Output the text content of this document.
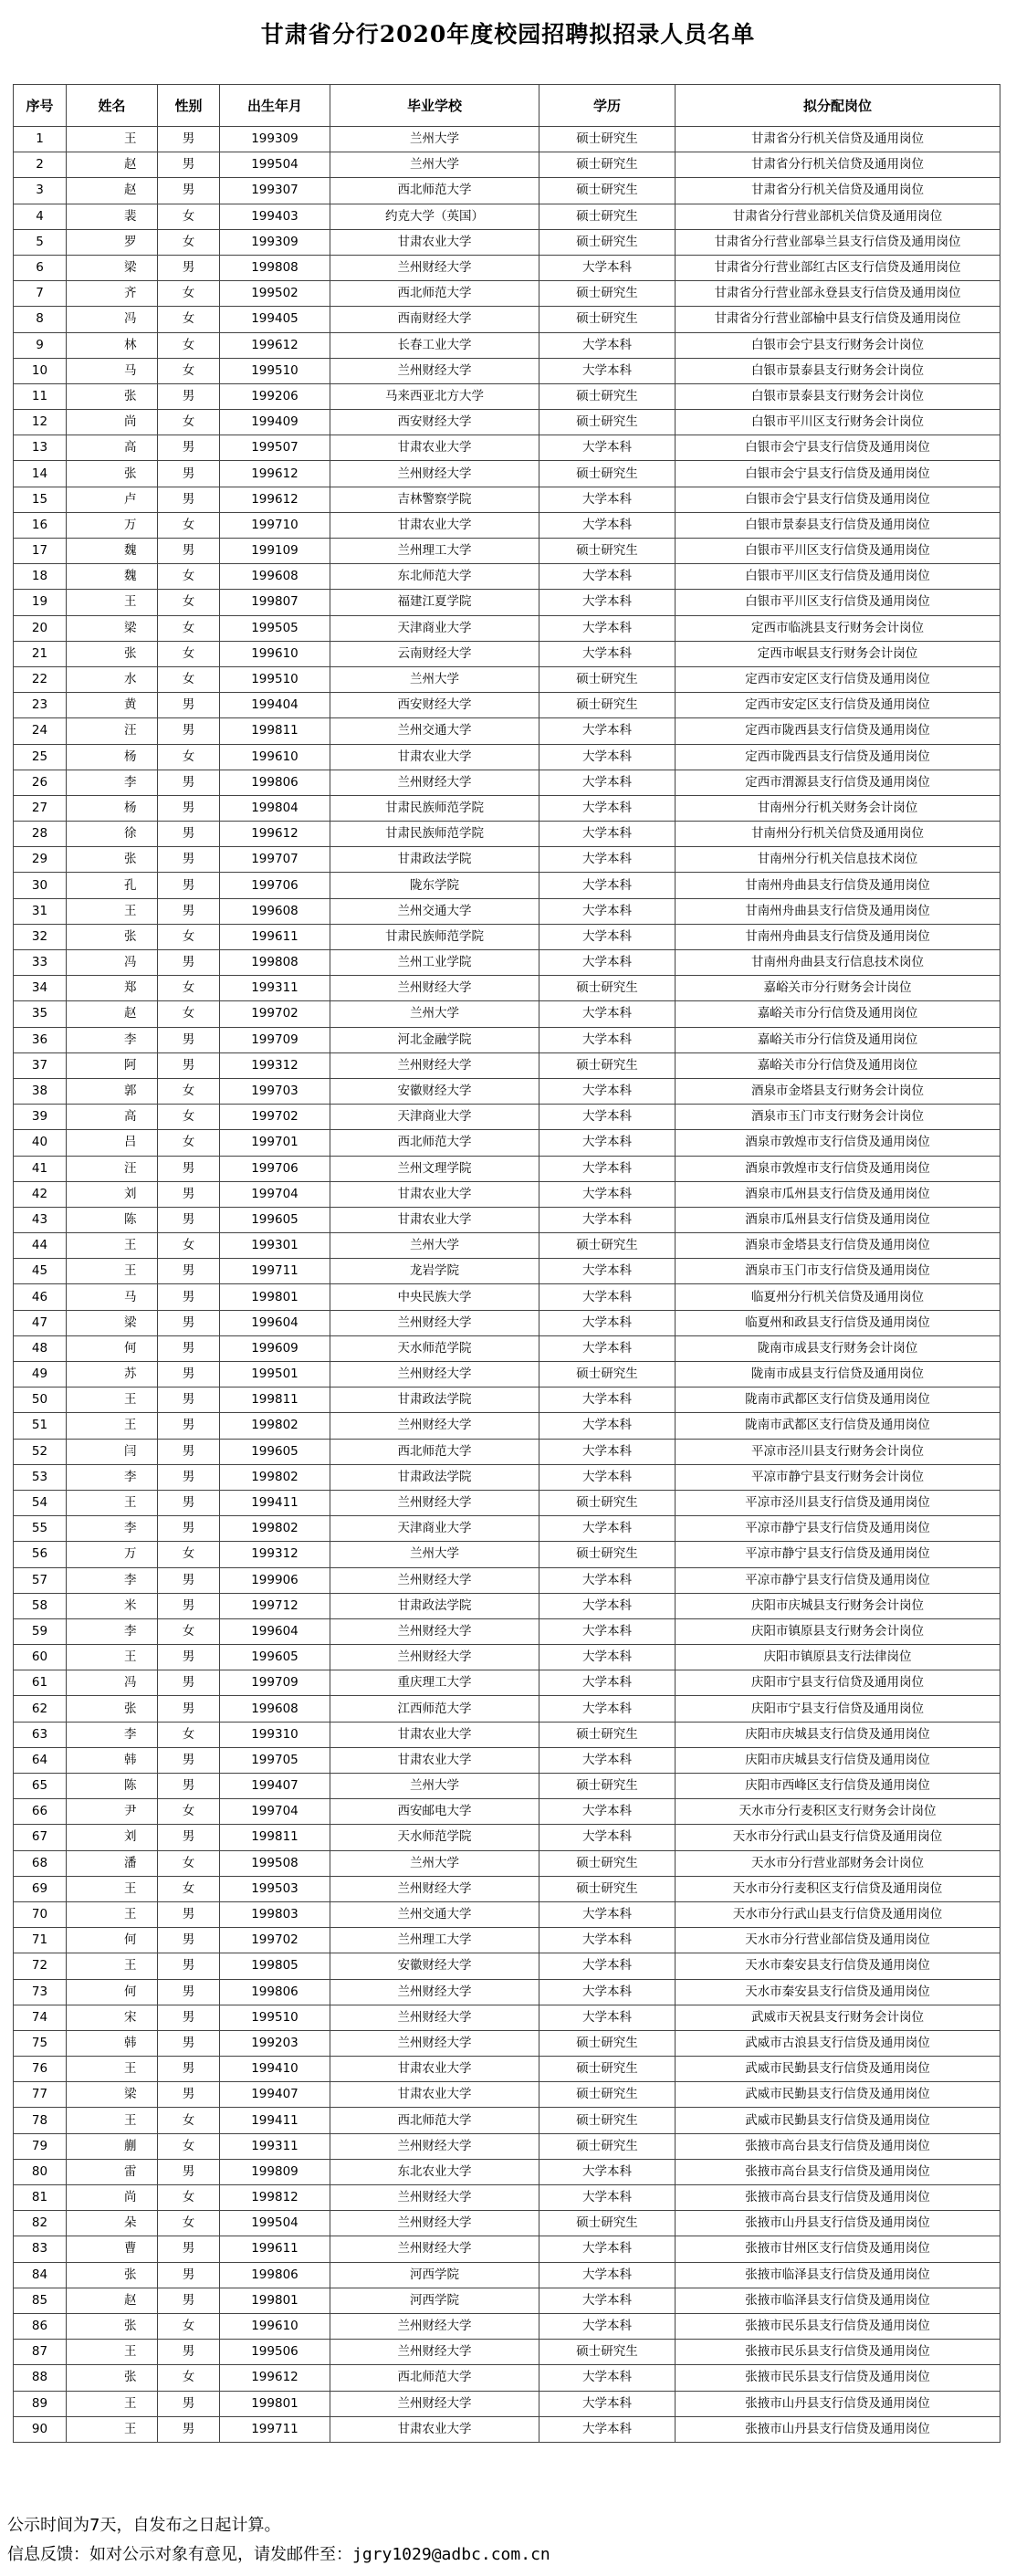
甘肃省分行2020年度校园招聘拟招录人员名单
序号	姓名	性别	出生年月	毕业学校	学历	拟分配岗位
1	王	男	199309	兰州大学	硕士研究生	甘肃省分行机关信贷及通用岗位
2	赵	男	199504	兰州大学	硕士研究生	甘肃省分行机关信贷及通用岗位
3	赵	男	199307	西北师范大学	硕士研究生	甘肃省分行机关信贷及通用岗位
4	裴	女	199403	约克大学（英国）	硕士研究生	甘肃省分行营业部机关信贷及通用岗位
5	罗	女	199309	甘肃农业大学	硕士研究生	甘肃省分行营业部皋兰县支行信贷及通用岗位
6	梁	男	199808	兰州财经大学	大学本科	甘肃省分行营业部红古区支行信贷及通用岗位
7	齐	女	199502	西北师范大学	硕士研究生	甘肃省分行营业部永登县支行信贷及通用岗位
8	冯	女	199405	西南财经大学	硕士研究生	甘肃省分行营业部榆中县支行信贷及通用岗位
9	林	女	199612	长春工业大学	大学本科	白银市会宁县支行财务会计岗位
10	马	女	199510	兰州财经大学	大学本科	白银市景泰县支行财务会计岗位
11	张	男	199206	马来西亚北方大学	硕士研究生	白银市景泰县支行财务会计岗位
12	尚	女	199409	西安财经大学	硕士研究生	白银市平川区支行财务会计岗位
13	高	男	199507	甘肃农业大学	大学本科	白银市会宁县支行信贷及通用岗位
14	张	男	199612	兰州财经大学	硕士研究生	白银市会宁县支行信贷及通用岗位
15	卢	男	199612	吉林警察学院	大学本科	白银市会宁县支行信贷及通用岗位
16	万	女	199710	甘肃农业大学	大学本科	白银市景泰县支行信贷及通用岗位
17	魏	男	199109	兰州理工大学	硕士研究生	白银市平川区支行信贷及通用岗位
18	魏	女	199608	东北师范大学	大学本科	白银市平川区支行信贷及通用岗位
19	王	女	199807	福建江夏学院	大学本科	白银市平川区支行信贷及通用岗位
20	梁	女	199505	天津商业大学	大学本科	定西市临洮县支行财务会计岗位
21	张	女	199610	云南财经大学	大学本科	定西市岷县支行财务会计岗位
22	水	女	199510	兰州大学	硕士研究生	定西市安定区支行信贷及通用岗位
23	黄	男	199404	西安财经大学	硕士研究生	定西市安定区支行信贷及通用岗位
24	汪	男	199811	兰州交通大学	大学本科	定西市陇西县支行信贷及通用岗位
25	杨	女	199610	甘肃农业大学	大学本科	定西市陇西县支行信贷及通用岗位
26	李	男	199806	兰州财经大学	大学本科	定西市渭源县支行信贷及通用岗位
27	杨	男	199804	甘肃民族师范学院	大学本科	甘南州分行机关财务会计岗位
28	徐	男	199612	甘肃民族师范学院	大学本科	甘南州分行机关信贷及通用岗位
29	张	男	199707	甘肃政法学院	大学本科	甘南州分行机关信息技术岗位
30	孔	男	199706	陇东学院	大学本科	甘南州舟曲县支行信贷及通用岗位
31	王	男	199608	兰州交通大学	大学本科	甘南州舟曲县支行信贷及通用岗位
32	张	女	199611	甘肃民族师范学院	大学本科	甘南州舟曲县支行信贷及通用岗位
33	冯	男	199808	兰州工业学院	大学本科	甘南州舟曲县支行信息技术岗位
34	郑	女	199311	兰州财经大学	硕士研究生	嘉峪关市分行财务会计岗位
35	赵	女	199702	兰州大学	大学本科	嘉峪关市分行信贷及通用岗位
36	李	男	199709	河北金融学院	大学本科	嘉峪关市分行信贷及通用岗位
37	阿	男	199312	兰州财经大学	硕士研究生	嘉峪关市分行信贷及通用岗位
38	郭	女	199703	安徽财经大学	大学本科	酒泉市金塔县支行财务会计岗位
39	高	女	199702	天津商业大学	大学本科	酒泉市玉门市支行财务会计岗位
40	吕	女	199701	西北师范大学	大学本科	酒泉市敦煌市支行信贷及通用岗位
41	汪	男	199706	兰州文理学院	大学本科	酒泉市敦煌市支行信贷及通用岗位
42	刘	男	199704	甘肃农业大学	大学本科	酒泉市瓜州县支行信贷及通用岗位
43	陈	男	199605	甘肃农业大学	大学本科	酒泉市瓜州县支行信贷及通用岗位
44	王	女	199301	兰州大学	硕士研究生	酒泉市金塔县支行信贷及通用岗位
45	王	男	199711	龙岩学院	大学本科	酒泉市玉门市支行信贷及通用岗位
46	马	男	199801	中央民族大学	大学本科	临夏州分行机关信贷及通用岗位
47	梁	男	199604	兰州财经大学	大学本科	临夏州和政县支行信贷及通用岗位
48	何	男	199609	天水师范学院	大学本科	陇南市成县支行财务会计岗位
49	苏	男	199501	兰州财经大学	硕士研究生	陇南市成县支行信贷及通用岗位
50	王	男	199811	甘肃政法学院	大学本科	陇南市武都区支行信贷及通用岗位
51	王	男	199802	兰州财经大学	大学本科	陇南市武都区支行信贷及通用岗位
52	闫	男	199605	西北师范大学	大学本科	平凉市泾川县支行财务会计岗位
53	李	男	199802	甘肃政法学院	大学本科	平凉市静宁县支行财务会计岗位
54	王	男	199411	兰州财经大学	硕士研究生	平凉市泾川县支行信贷及通用岗位
55	李	男	199802	天津商业大学	大学本科	平凉市静宁县支行信贷及通用岗位
56	万	女	199312	兰州大学	硕士研究生	平凉市静宁县支行信贷及通用岗位
57	李	男	199906	兰州财经大学	大学本科	平凉市静宁县支行信贷及通用岗位
58	米	男	199712	甘肃政法学院	大学本科	庆阳市庆城县支行财务会计岗位
59	李	女	199604	兰州财经大学	大学本科	庆阳市镇原县支行财务会计岗位
60	王	男	199605	兰州财经大学	大学本科	庆阳市镇原县支行法律岗位
61	冯	男	199709	重庆理工大学	大学本科	庆阳市宁县支行信贷及通用岗位
62	张	男	199608	江西师范大学	大学本科	庆阳市宁县支行信贷及通用岗位
63	李	女	199310	甘肃农业大学	硕士研究生	庆阳市庆城县支行信贷及通用岗位
64	韩	男	199705	甘肃农业大学	大学本科	庆阳市庆城县支行信贷及通用岗位
65	陈	男	199407	兰州大学	硕士研究生	庆阳市西峰区支行信贷及通用岗位
66	尹	女	199704	西安邮电大学	大学本科	天水市分行麦积区支行财务会计岗位
67	刘	男	199811	天水师范学院	大学本科	天水市分行武山县支行信贷及通用岗位
68	潘	女	199508	兰州大学	硕士研究生	天水市分行营业部财务会计岗位
69	王	女	199503	兰州财经大学	硕士研究生	天水市分行麦积区支行信贷及通用岗位
70	王	男	199803	兰州交通大学	大学本科	天水市分行武山县支行信贷及通用岗位
71	何	男	199702	兰州理工大学	大学本科	天水市分行营业部信贷及通用岗位
72	王	男	199805	安徽财经大学	大学本科	天水市秦安县支行信贷及通用岗位
73	何	男	199806	兰州财经大学	大学本科	天水市秦安县支行信贷及通用岗位
74	宋	男	199510	兰州财经大学	大学本科	武威市天祝县支行财务会计岗位
75	韩	男	199203	兰州财经大学	硕士研究生	武威市古浪县支行信贷及通用岗位
76	王	男	199410	甘肃农业大学	硕士研究生	武威市民勤县支行信贷及通用岗位
77	梁	男	199407	甘肃农业大学	硕士研究生	武威市民勤县支行信贷及通用岗位
78	王	女	199411	西北师范大学	硕士研究生	武威市民勤县支行信贷及通用岗位
79	蒯	女	199311	兰州财经大学	硕士研究生	张掖市高台县支行信贷及通用岗位
80	雷	男	199809	东北农业大学	大学本科	张掖市高台县支行信贷及通用岗位
81	尚	女	199812	兰州财经大学	大学本科	张掖市高台县支行信贷及通用岗位
82	朵	女	199504	兰州财经大学	硕士研究生	张掖市山丹县支行信贷及通用岗位
83	曹	男	199611	兰州财经大学	大学本科	张掖市甘州区支行信贷及通用岗位
84	张	男	199806	河西学院	大学本科	张掖市临泽县支行信贷及通用岗位
85	赵	男	199801	河西学院	大学本科	张掖市临泽县支行信贷及通用岗位
86	张	女	199610	兰州财经大学	大学本科	张掖市民乐县支行信贷及通用岗位
87	王	男	199506	兰州财经大学	硕士研究生	张掖市民乐县支行信贷及通用岗位
88	张	女	199612	西北师范大学	大学本科	张掖市民乐县支行信贷及通用岗位
89	王	男	199801	兰州财经大学	大学本科	张掖市山丹县支行信贷及通用岗位
90	王	男	199711	甘肃农业大学	大学本科	张掖市山丹县支行信贷及通用岗位
公示时间为7天，自发布之日起计算。
信息反馈：如对公示对象有意见，请发邮件至：jgry1029@adbc.com.cn
